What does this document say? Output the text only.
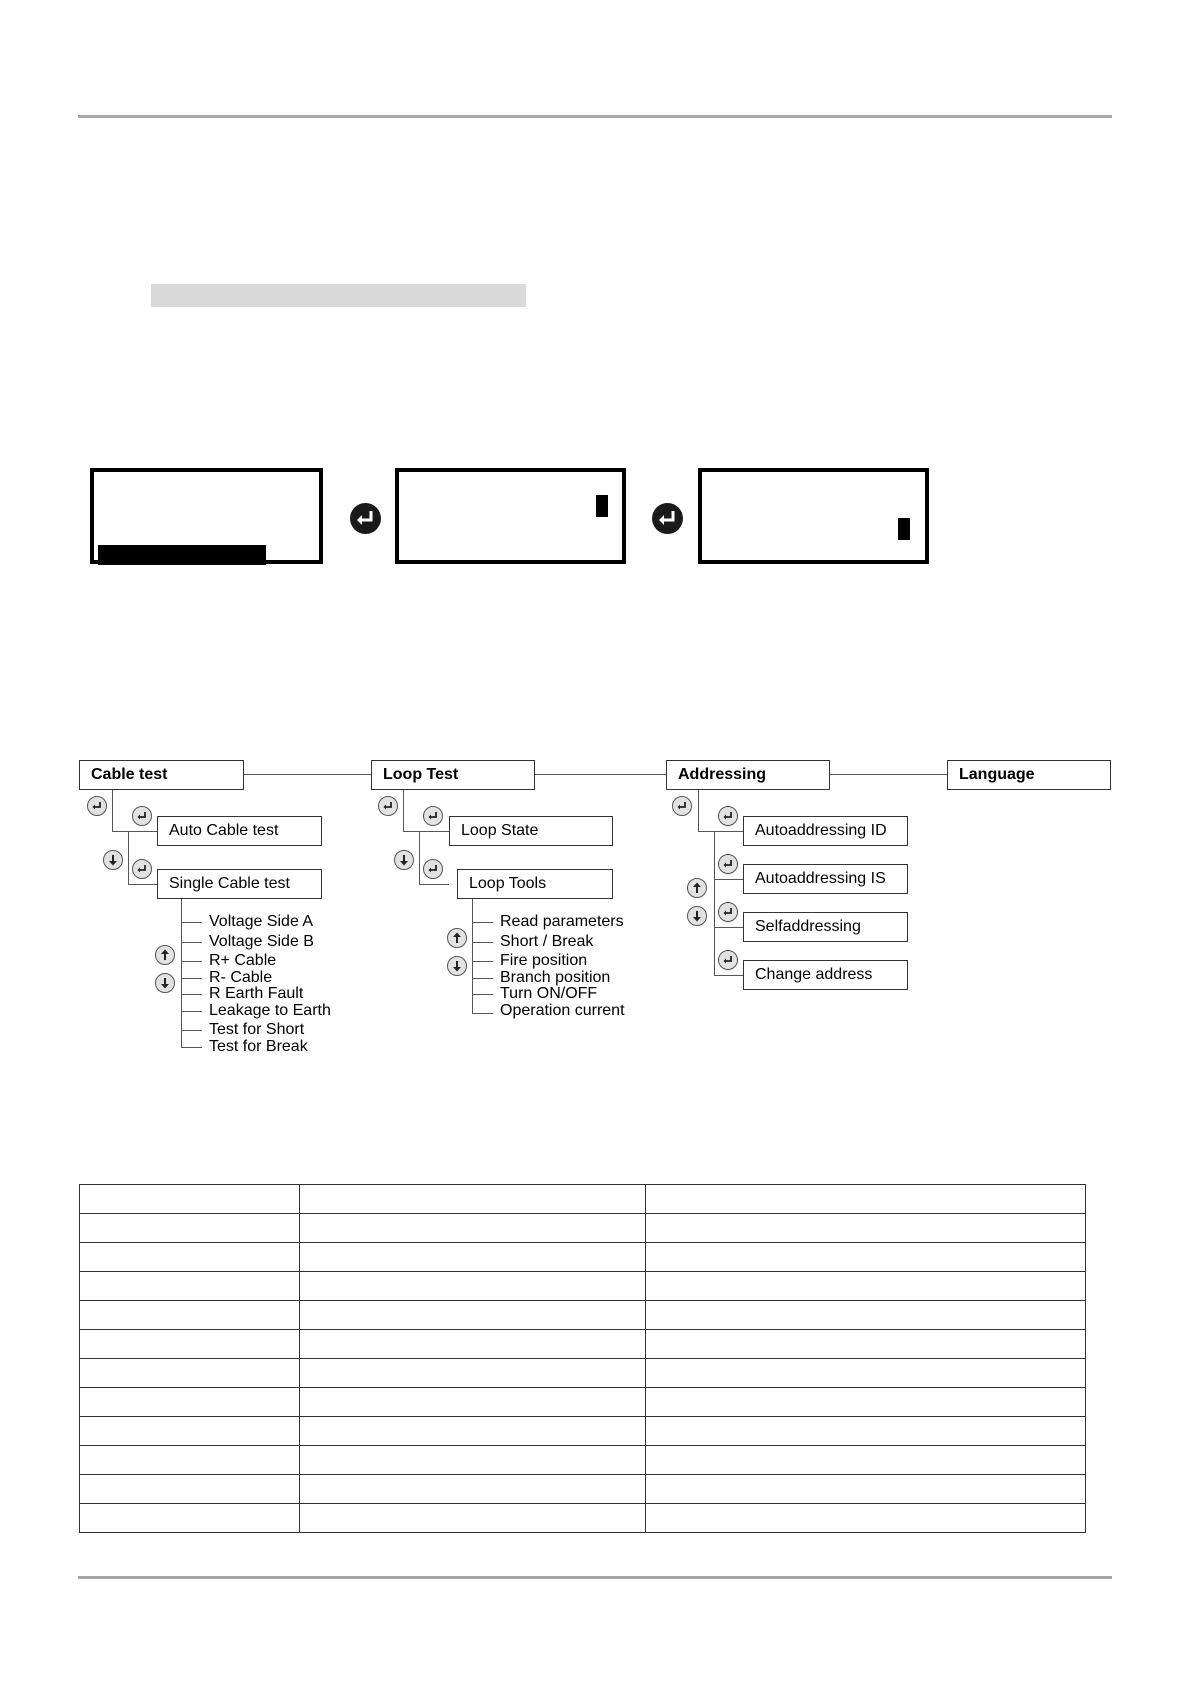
Cable test	Loop Test	Addressing	Language
Auto Cable test
Single Cable test
Voltage Side A
Voltage Side B
R+ Cable
R- Cable
R Earth Fault
Leakage to Earth
Test for Short
Test for Break
Loop State
Loop Tools
Read parameters
Short / Break
Fire position
Branch position
Turn ON/OFF
Operation current
Autoaddressing ID
Autoaddressing IS
Selfaddressing
Change address
